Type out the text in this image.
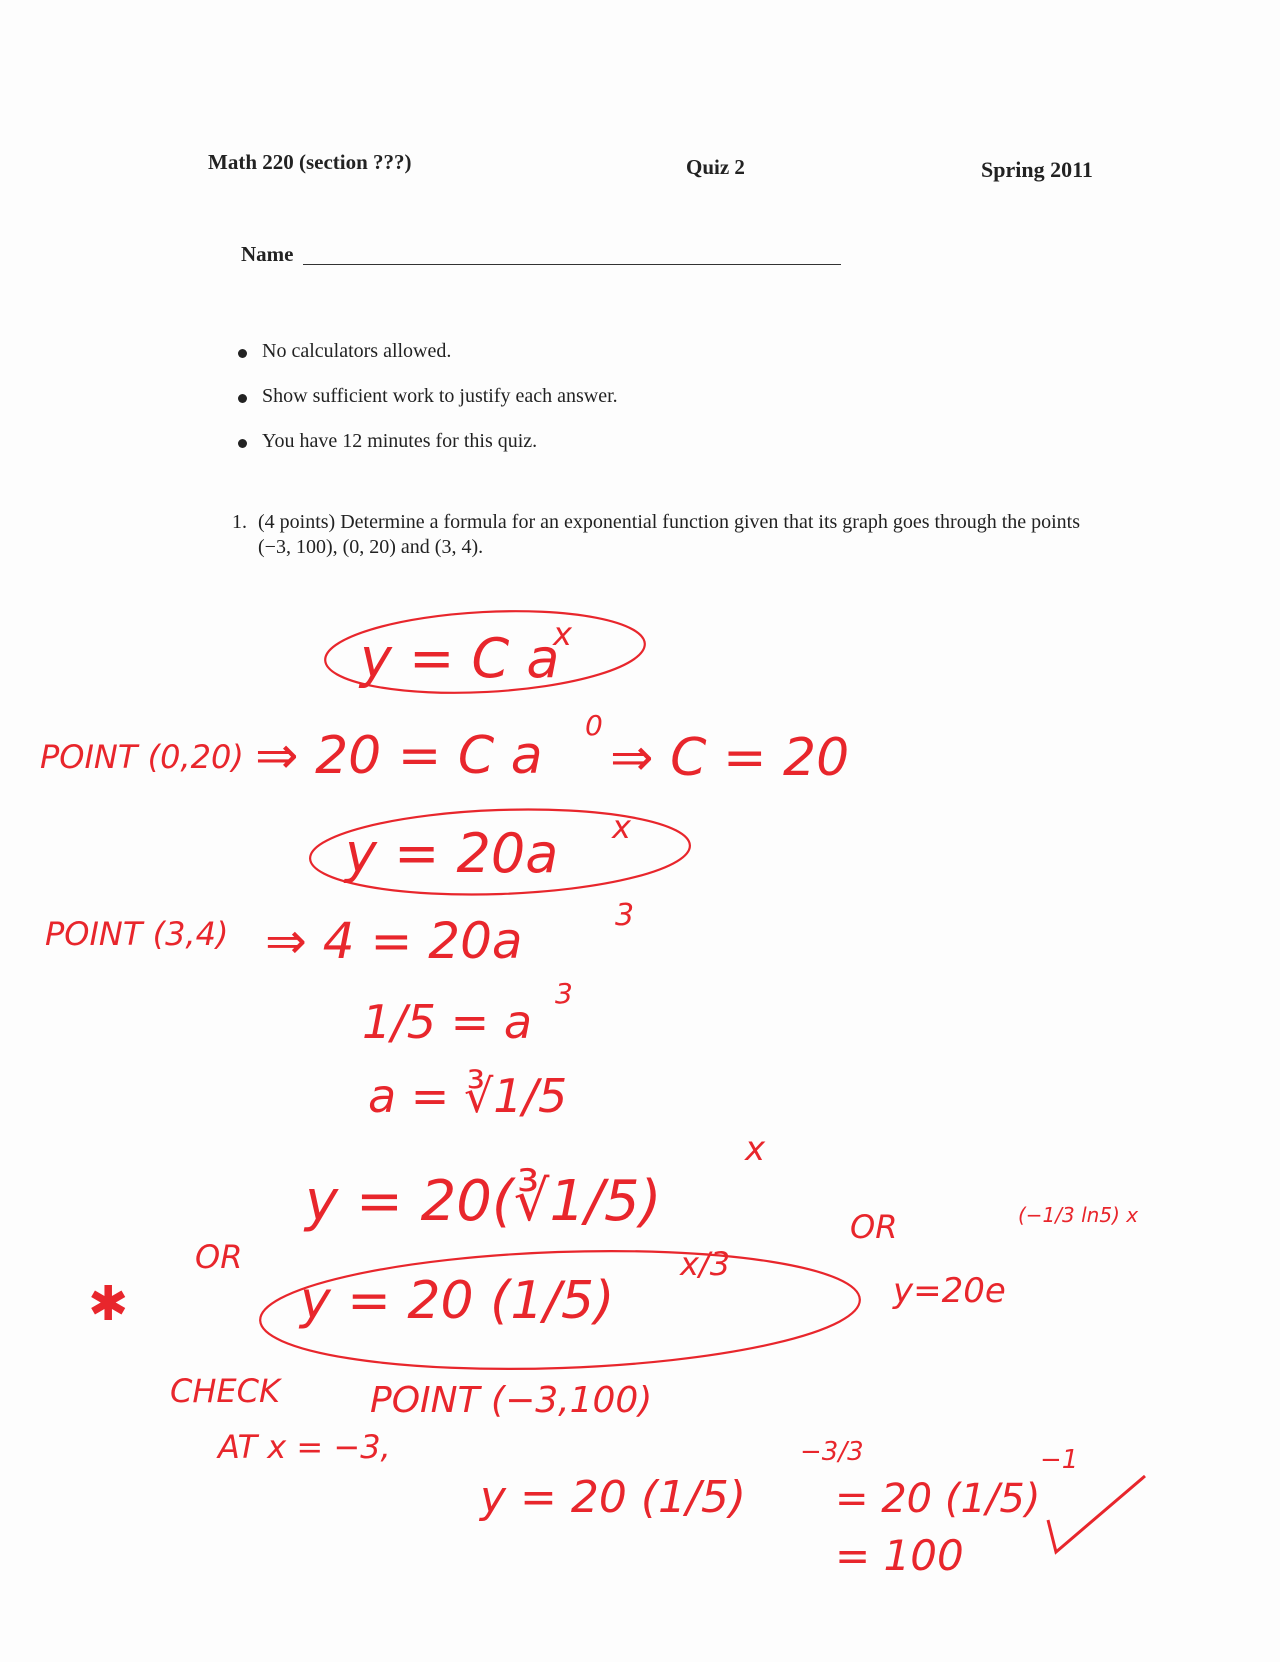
Math 220 (section ???)	Quiz 2	Spring 2011
Name
No calculators allowed.
Show sufficient work to justify each answer.
You have 12 minutes for this quiz.
1. (4 points) Determine a formula for an exponential function given that its graph goes through the points (−3, 100), (0, 20) and (3, 4).
y = C a
x
POINT (0,20) ⇒ 20 = C a
0
⇒ C = 20
y = 20a x
POINT (3,4) ⇒ 4 = 20a	3
1/5 = a
3
a = ∛1/5
y = 20(∛1/5)
x
OR
✱	y = 20 (1/5)
x/3
OR
y=20e
(−1/3 ln5) x
CHECK	POINT (−3,100)
AT x = −3,
y = 20 (1/5)
−3/3
= 20 (1/5)
−1
= 100
